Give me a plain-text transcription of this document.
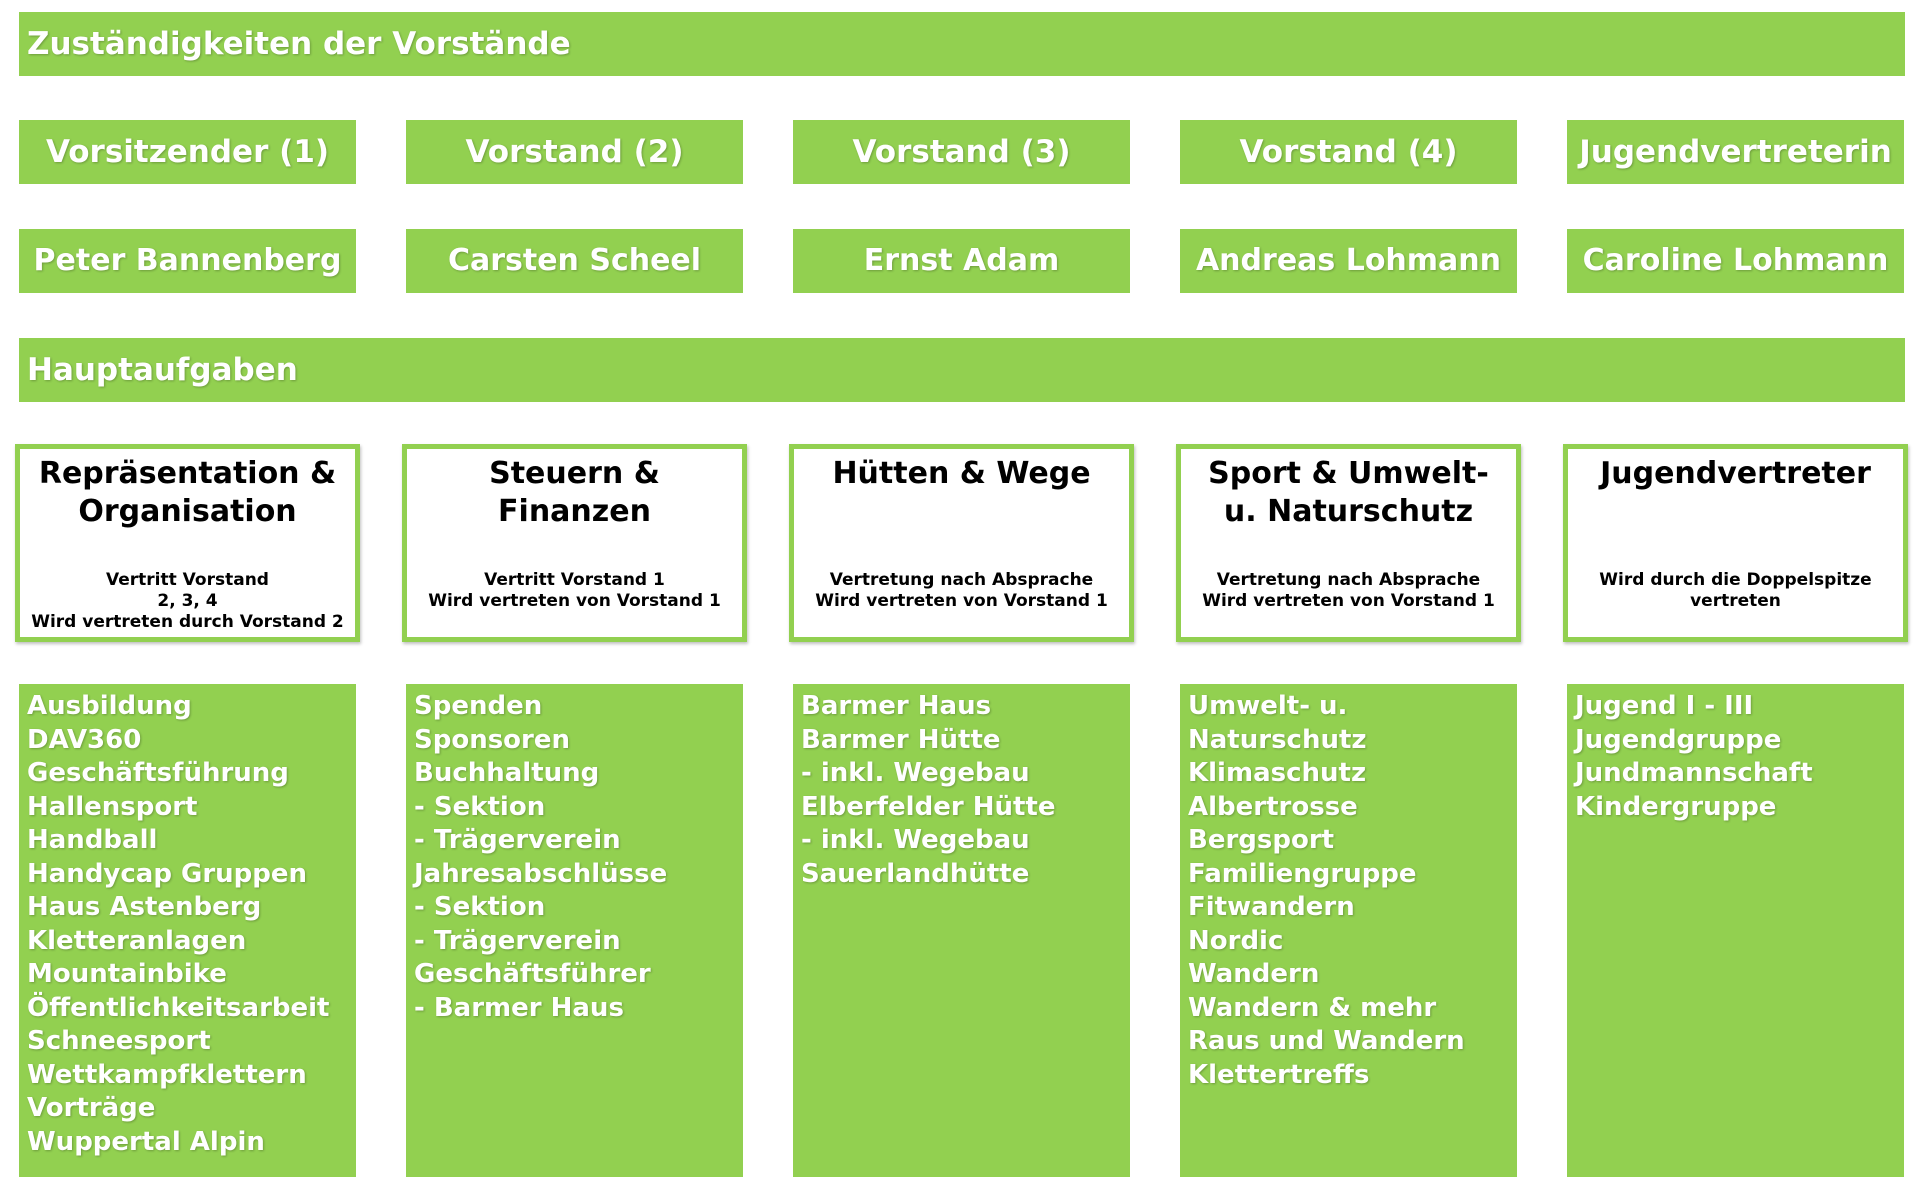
Zuständigkeiten der Vorstände
Vorsitzender (1)	Vorstand (2)	Vorstand (3)	Vorstand (4)	Jugendvertreterin
Peter Bannenberg	Carsten Scheel	Ernst Adam	Andreas Lohmann	Caroline Lohmann
Hauptaufgaben
Repräsentation &
Organisation
Vertritt Vorstand
2, 3, 4
Wird vertreten durch Vorstand 2
Steuern &
Finanzen
Vertritt Vorstand 1
Wird vertreten von Vorstand 1
Hütten & Wege
Vertretung nach Absprache
Wird vertreten von Vorstand 1
Sport & Umwelt-
u. Naturschutz
Vertretung nach Absprache
Wird vertreten von Vorstand 1
Jugendvertreter
Wird durch die Doppelspitze
vertreten
Ausbildung
DAV360
Geschäftsführung
Hallensport
Handball
Handycap Gruppen
Haus Astenberg
Kletteranlagen
Mountainbike
Öffentlichkeitsarbeit
Schneesport
Wettkampfklettern
Vorträge
Wuppertal Alpin
Spenden
Sponsoren
Buchhaltung
- Sektion
- Trägerverein
Jahresabschlüsse
- Sektion
- Trägerverein
Geschäftsführer
- Barmer Haus
Barmer Haus
Barmer Hütte
- inkl. Wegebau
Elberfelder Hütte
- inkl. Wegebau
Sauerlandhütte
Umwelt- u.
Naturschutz
Klimaschutz
Albertrosse
Bergsport
Familiengruppe
Fitwandern
Nordic
Wandern
Wandern & mehr
Raus und Wandern
Klettertreffs
Jugend I - III
Jugendgruppe
Jundmannschaft
Kindergruppe
